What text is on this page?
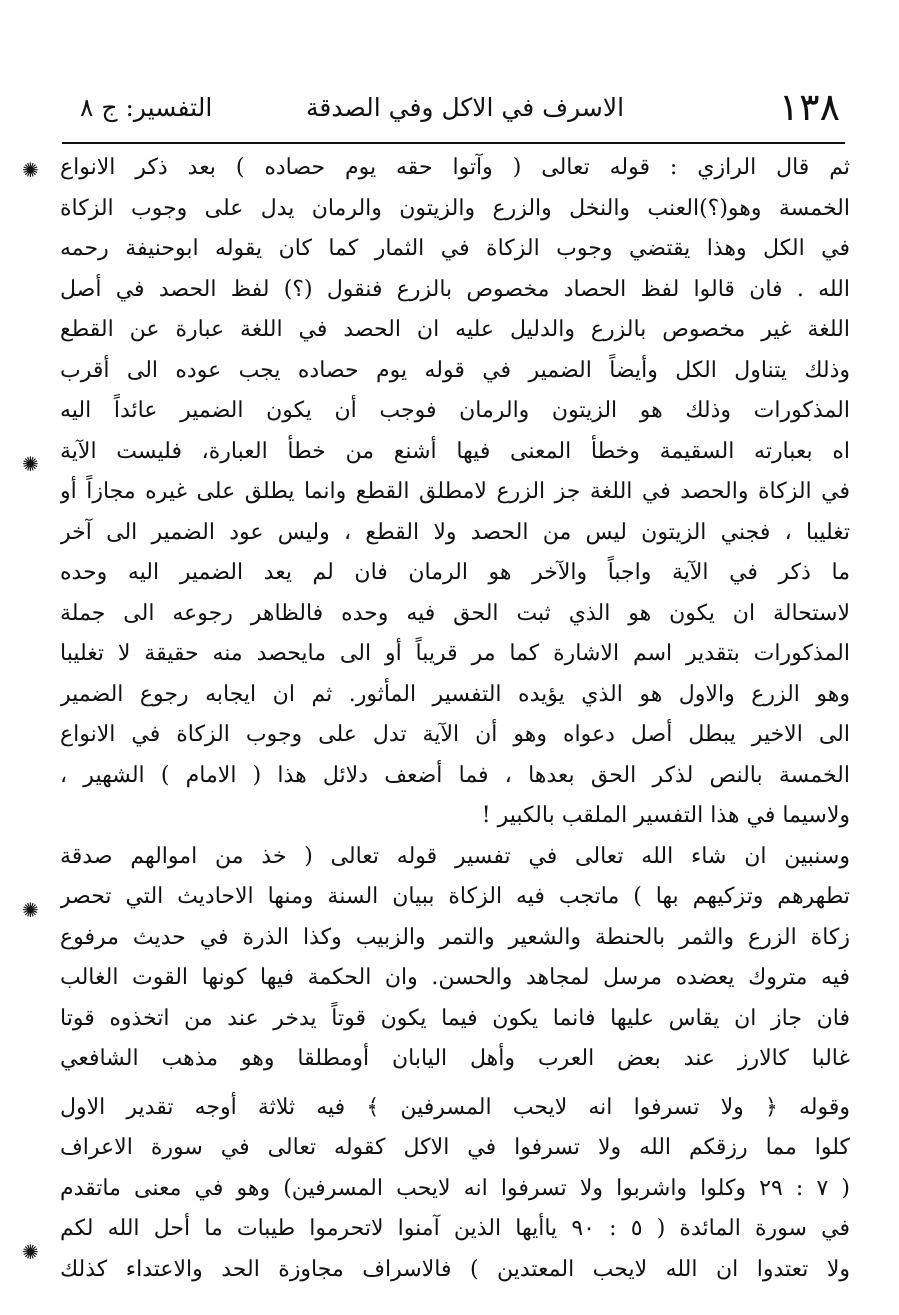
١٣٨
الاسرف في الاكل وفي الصدقة
التفسير: ج ٨
ثم قال الرازي : قوله تعالى ( وآتوا حقه يوم حصاده ) بعد ذكر الانواع
الخمسة وهو(؟)العنب والنخل والزرع والزيتون والرمان يدل على وجوب الزكاة
في الكل وهذا يقتضي وجوب الزكاة في الثمار كما كان يقوله ابوحنيفة رحمه
الله . فان قالوا لفظ الحصاد مخصوص بالزرع فنقول (؟) لفظ الحصد في أصل
اللغة غير مخصوص بالزرع والدليل عليه ان الحصد في اللغة عبارة عن القطع
وذلك يتناول الكل وأيضاً الضمير في قوله يوم حصاده يجب عوده الى أقرب
المذكورات وذلك هو الزيتون والرمان فوجب أن يكون الضمير عائداً اليه
اه بعبارته السقيمة وخطأ المعنى فيها أشنع من خطأ العبارة، فليست الآية
في الزكاة والحصد في اللغة جز الزرع لامطلق القطع وانما يطلق على غيره مجازاً أو
تغليبا ، فجني الزيتون ليس من الحصد ولا القطع ، وليس عود الضمير الى آخر
ما ذكر في الآية واجباً والآخر هو الرمان فان لم يعد الضمير اليه وحده
لاستحالة ان يكون هو الذي ثبت الحق فيه وحده فالظاهر رجوعه الى جملة
المذكورات بتقدير اسم الاشارة كما مر قريباً أو الى مايحصد منه حقيقة لا تغليبا
وهو الزرع والاول هو الذي يؤيده التفسير المأثور. ثم ان ايجابه رجوع الضمير
الى الاخير يبطل أصل دعواه وهو أن الآية تدل على وجوب الزكاة في الانواع
الخمسة بالنص لذكر الحق بعدها ، فما أضعف دلائل هذا ( الامام ) الشهير ،
ولاسيما في هذا التفسير الملقب بالكبير !
وسنبين ان شاء الله تعالى في تفسير قوله تعالى ( خذ من اموالهم صدقة
تطهرهم وتزكيهم بها ) ماتجب فيه الزكاة ببيان السنة ومنها الاحاديث التي تحصر
زكاة الزرع والثمر بالحنطة والشعير والتمر والزبيب وكذا الذرة في حديث مرفوع
فيه متروك يعضده مرسل لمجاهد والحسن. وان الحكمة فيها كونها القوت الغالب
فان جاز ان يقاس عليها فانما يكون فيما يكون قوتاً يدخر عند من اتخذوه قوتا
غالبا كالارز عند بعض العرب وأهل اليابان أومطلقا وهو مذهب الشافعي
وقوله ﴿ ولا تسرفوا انه لايحب المسرفين ﴾ فيه ثلاثة أوجه تقدير الاول
كلوا مما رزقكم الله ولا تسرفوا في الاكل كقوله تعالى في سورة الاعراف
( ٧ : ٢٩ وكلوا واشربوا ولا تسرفوا انه لايحب المسرفين) وهو في معنى ماتقدم
في سورة المائدة ( ٥ : ٩٠ ياأيها الذين آمنوا لاتحرموا طيبات ما أحل الله لكم
ولا تعتدوا ان الله لايحب المعتدين ) فالاسراف مجاوزة الحد والاعتداء كذلك
✺
✺
✺
✺
